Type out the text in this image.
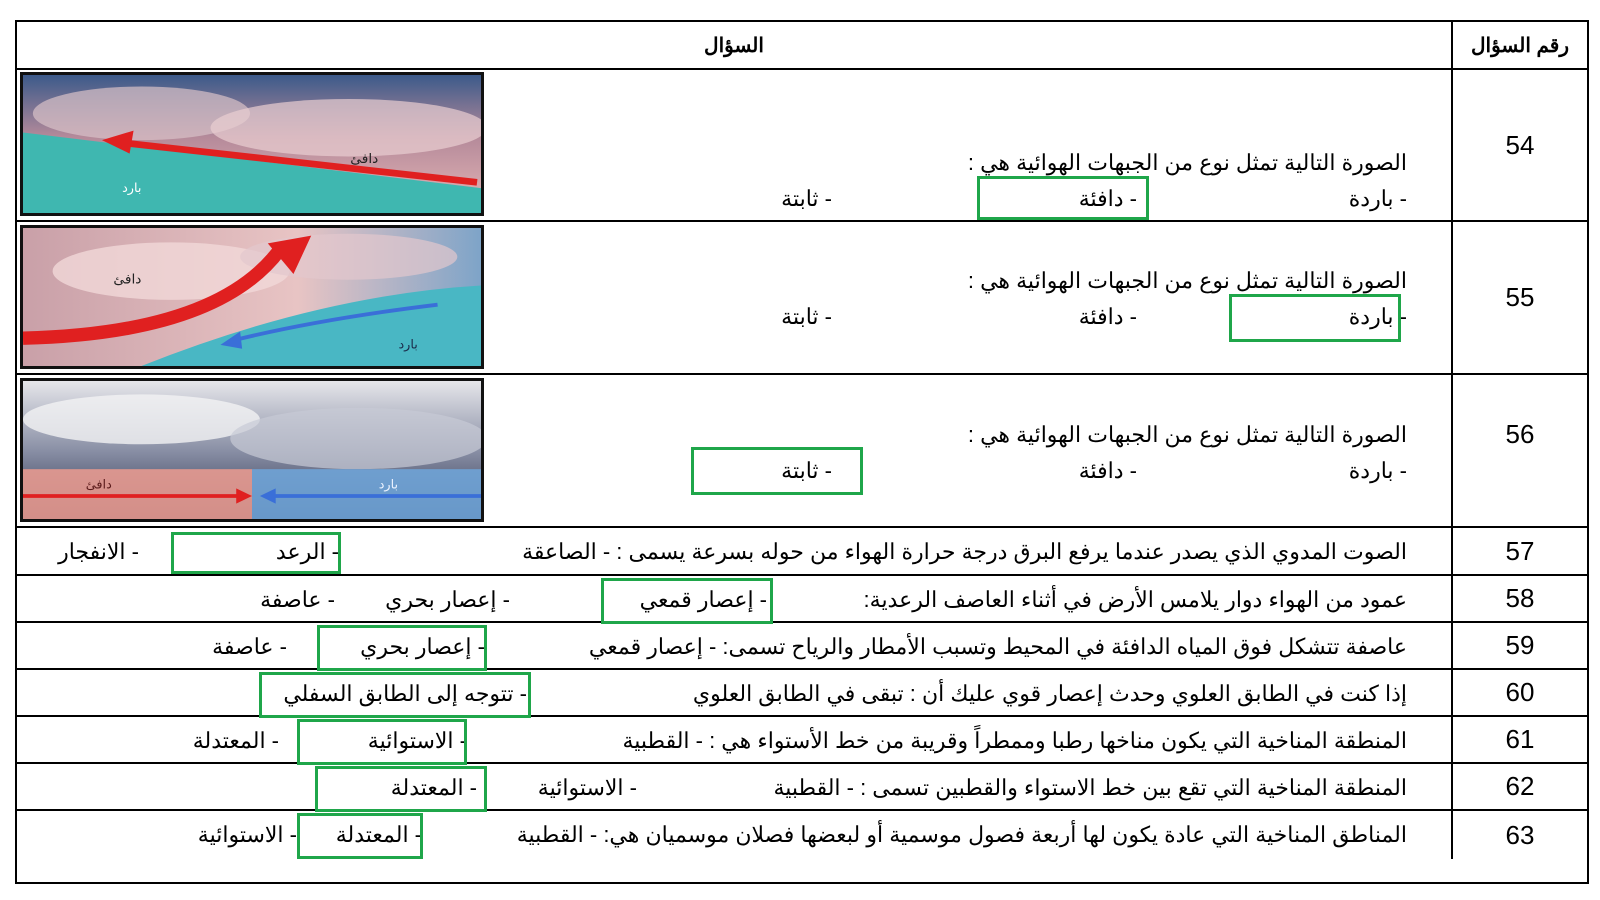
السؤال	رقم السؤال
دافئ
بارد
الصورة التالية تمثل نوع من الجبهات الهوائية هي :
- باردة
- دافئة
- ثابتة
54
دافئ
بارد
الصورة التالية تمثل نوع من الجبهات الهوائية هي :
- باردة
- دافئة
- ثابتة
55
دافئ	بارد
الصورة التالية تمثل نوع من الجبهات الهوائية هي :
- باردة
- دافئة
- ثابتة
56
الصوت المدوي الذي يصدر عندما يرفع البرق درجة حرارة الهواء من حوله بسرعة يسمى : - الصاعقة
- الرعد
- الانفجار	57
عمود من الهواء دوار يلامس الأرض في أثناء العاصف الرعدية:
- إعصار قمعي
- إعصار بحري
- عاصفة	58
عاصفة تتشكل فوق المياه الدافئة في المحيط وتسبب الأمطار والرياح تسمى: - إعصار قمعي
- إعصار بحري
- عاصفة	59
إذا كنت في الطابق العلوي وحدث إعصار قوي عليك أن : تبقى في الطابق العلوي
- تتوجه إلى الطابق السفلي	60
المنطقة المناخية التي يكون مناخها رطبا وممطراً وقريبة من خط الأستواء هي : - القطبية
- الاستوائية
- المعتدلة	61
المنطقة المناخية التي تقع بين خط الاستواء والقطبين تسمى : - القطبية
- الاستوائية
- المعتدلة	62
المناطق المناخية التي عادة يكون لها أربعة فصول موسمية أو لبعضها فصلان موسميان هي: - القطبية
- المعتدلة
- الاستوائية	63
